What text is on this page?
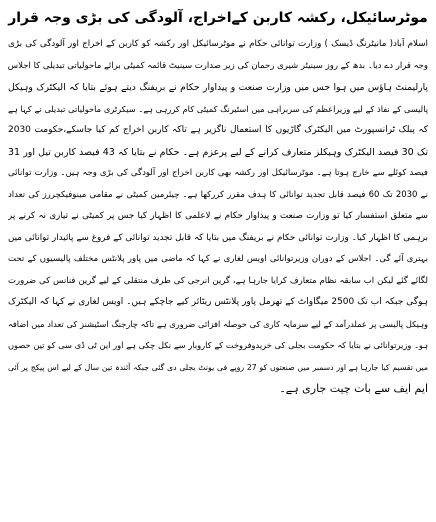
موٹرسائیکل، رکشہ کاربن کےاخراج، آلودگی کی بڑی وجہ قرار
اسلام آباد( مانیٹرنگ ڈیسک ) وزارت توانائی حکام نے موٹرسائیکل اور رکشہ کو کاربن کے اخراج اور آلودگی کی بڑی
وجہ قرار دے دیا۔ بدھ کے روز سینیٹر شیری رحمان کی زیر صدارت سینیٹ قائمہ کمیٹی برائے ماحولیاتی تبدیلی کا اجلاس
پارلیمنٹ ہاؤس میں ہوا جس میں وزارت صنعت و پیداوار حکام نے بریفنگ دیتے ہوئے بتایا کہ الیکٹرک وہیکل
پالیسی کے نفاذ کے لیے وزیراعظم کی سربراہی میں اسٹیرنگ کمیٹی کام کررہی ہے۔ سیکرٹری ماحولیاتی تبدیلی نے کہا ہے
کہ پبلک ٹرانسپورٹ میں الیکٹرک گاڑیوں کا استعمال ناگزیر ہے تاکہ کاربن اخراج کم کیا جاسکے،حکومت 2030
تک 30 فیصد الیکٹرک وہیکلز متعارف کرانے کے لیے پرعزم ہے۔ حکام نے بتایا کہ 43 فیصد کاربن تیل اور 31
فیصد کوئلے سے خارج ہوتا ہے۔ موٹرسائیکل اور رکشہ بھی کاربن اخراج اور آلودگی کی بڑی وجہ ہیں۔ وزارت توانائی
نے 2030 تک 60 فیصد قابل تجدید توانائی کا ہدف مقرر کررکھا ہے۔ چیئرمین کمیٹی نے مقامی مینوفیکچررز کی تعداد
سے متعلق استفسار کیا تو وزارت صنعت و پیداوار حکام نے لاعلمی کا اظہار کیا جس پر کمیٹی نے تیاری نہ کرنے پر
برہمی کا اظہار کیا۔ وزارت توانائی حکام نے بریفنگ میں بتایا کہ قابل تجدید توانائی کے فروغ سے پائیدار توانائی میں
بہتری آئے گی۔ اجلاس کے دوران وزیرتوانائی اویس لغاری نے کہا کہ ماضی میں پاور پلانٹس مختلف پالیسیوں کے تحت
لگائے گئے لیکن اب سابقہ نظام متعارف کرایا جارہا ہے، گرین انرجی کی طرف منتقلی کے لیے گرین فنانس کی ضرورت
ہوگی جبکہ اب تک 2500 میگاواٹ کے تھرمل پاور پلانٹس ریٹائر کیے جاچکے ہیں۔ اویس لغاری نے کہا کہ الیکٹرک
وہیکل پالیسی پر عملدرآمد کے لیے سرمایہ کاری کی حوصلہ افزائی ضروری ہے تاکہ چارجنگ اسٹیشنز کی تعداد میں اضافہ
ہو۔ وزیرتوانائی نے بتایا کہ حکومت بجلی کی خریدوفروخت کے کاروبار سے نکل چکی ہے اور این ٹی ڈی سی کو تین حصوں
میں تقسیم کیا جارہا ہے اور دسمبر میں صنعتوں کو 27 روپے فی یونٹ بجلی دی گئی جبکہ آئندہ تین سال کے لیے اس پیکج پر آئی
ایم ایف سے بات چیت جاری ہے۔
